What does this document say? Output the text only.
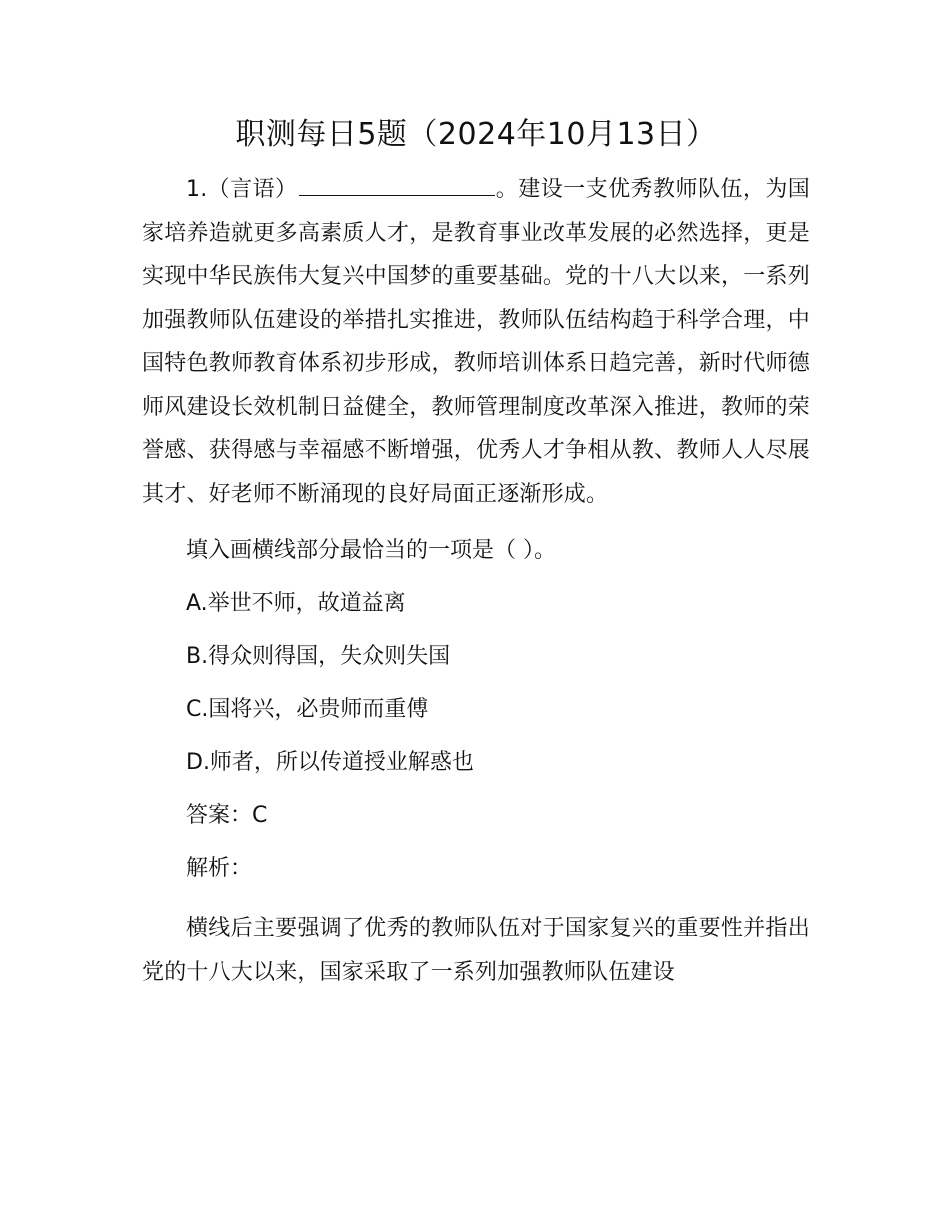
职测每日5题（2024年10月13日）

1.（言语）	。建设一支优秀教师队伍，为国家培养造就更多高素质人才，是教育事业改革发展的必然选择，更是实现中华民族伟大复兴中国梦的重要基础。党的十八大以来，一系列加强教师队伍建设的举措扎实推进，教师队伍结构趋于科学合理，中国特色教师教育体系初步形成，教师培训体系日趋完善，新时代师德师风建设长效机制日益健全，教师管理制度改革深入推进，教师的荣誉感、获得感与幸福感不断增强，优秀人才争相从教、教师人人尽展其才、好老师不断涌现的良好局面正逐渐形成。

填入画横线部分最恰当的一项是（ ）。

A.举世不师，故道益离

B.得众则得国，失众则失国

C.国将兴，必贵师而重傅

D.师者，所以传道授业解惑也

答案：C

解析：

横线后主要强调了优秀的教师队伍对于国家复兴的重要性并指出党的十八大以来，国家采取了一系列加强教师队伍建设
